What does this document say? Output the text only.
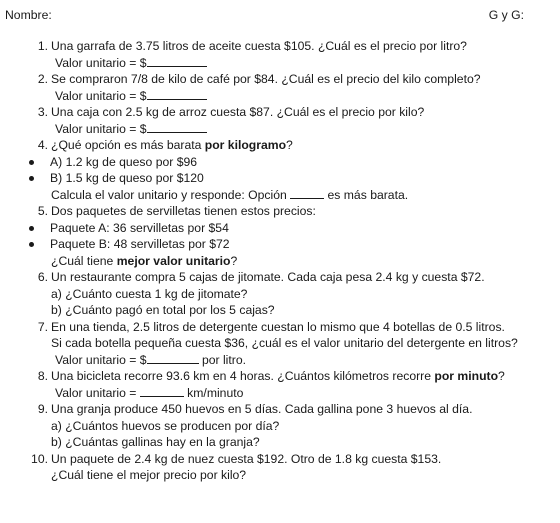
Nombre:	G y G:
1. Una garrafa de 3.75 litros de aceite cuesta $105. ¿Cuál es el precio por litro?
Valor unitario = $
2. Se compraron 7/8 de kilo de café por $84. ¿Cuál es el precio del kilo completo?
Valor unitario = $
3. Una caja con 2.5 kg de arroz cuesta $87. ¿Cuál es el precio por kilo?
Valor unitario = $
4. ¿Qué opción es más barata por kilogramo?
A) 1.2 kg de queso por $96
B) 1.5 kg de queso por $120
Calcula el valor unitario y responde: Opción	es más barata.
5. Dos paquetes de servilletas tienen estos precios:
Paquete A: 36 servilletas por $54
Paquete B: 48 servilletas por $72
¿Cuál tiene mejor valor unitario?
6. Un restaurante compra 5 cajas de jitomate. Cada caja pesa 2.4 kg y cuesta $72.
a) ¿Cuánto cuesta 1 kg de jitomate?
b) ¿Cuánto pagó en total por los 5 cajas?
7. En una tienda, 2.5 litros de detergente cuestan lo mismo que 4 botellas de 0.5 litros.
Si cada botella pequeña cuesta $36, ¿cuál es el valor unitario del detergente en litros?
Valor unitario = $	por litro.
8. Una bicicleta recorre 93.6 km en 4 horas. ¿Cuántos kilómetros recorre por minuto?
Valor unitario =	km/minuto
9. Una granja produce 450 huevos en 5 días. Cada gallina pone 3 huevos al día.
a) ¿Cuántos huevos se producen por día?
b) ¿Cuántas gallinas hay en la granja?
10. Un paquete de 2.4 kg de nuez cuesta $192. Otro de 1.8 kg cuesta $153.
¿Cuál tiene el mejor precio por kilo?
